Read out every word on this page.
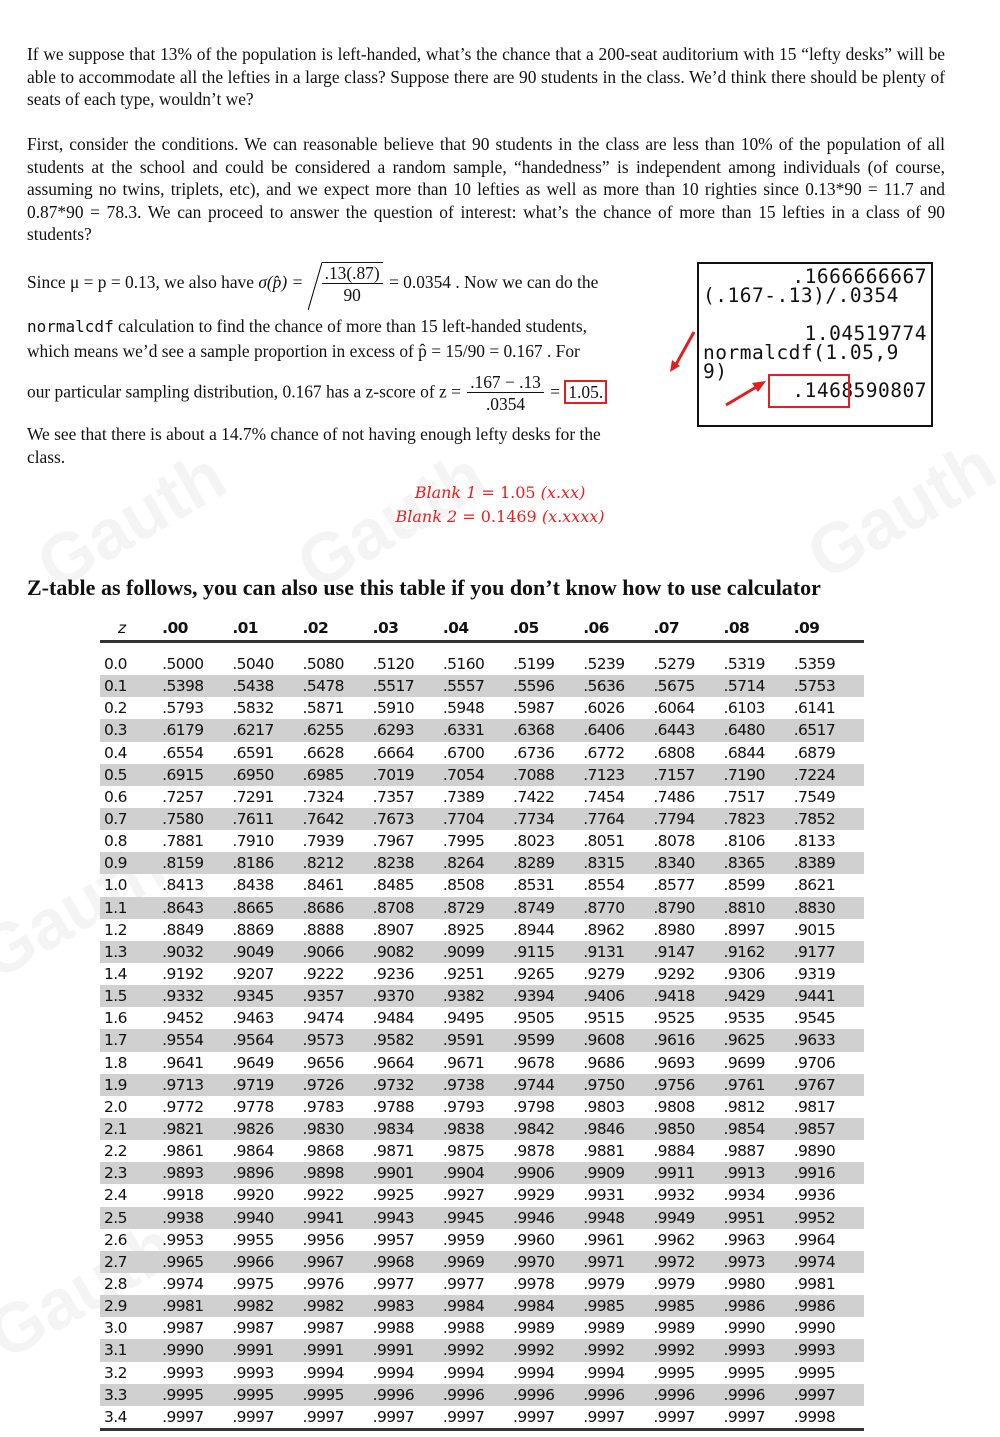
If we suppose that 13% of the population is left-handed, what’s the chance that a 200-seat auditorium with 15 “lefty desks” will be able to accommodate all the lefties in a large class? Suppose there are 90 students in the class. We’d think there should be plenty of seats of each type, wouldn’t we?

First, consider the conditions. We can reasonable believe that 90 students in the class are less than 10% of the population of all students at the school and could be considered a random sample, “handedness” is independent among individuals (of course, assuming no twins, triplets, etc), and we expect more than 10 lefties as well as more than 10 righties since 0.13*90 = 11.7 and 0.87*90 = 78.3. We can proceed to answer the question of interest: what’s the chance of more than 15 lefties in a class of 90 students?

Since μ = p = 0.13, we also have σ(p̂) = $\frac{.13(.87)}{90} = 0.0354$ . Now we can do the
normalcdf calculation to find the chance of more than 15 left-handed students,
which means we’d see a sample proportion in excess of p̂ = 15/90 = 0.167 . For
our particular sampling distribution, 0.167 has a z-score of $z = \frac{.167 - .13}{.0354} = 1.05$.
We see that there is about a 14.7% chance of not having enough lefty desks for the
class.
.1666666667
(.167-.13)/.0354
1.04519774
normalcdf(1.05,9
9)
.1468590807
Blank 1 = 1.05 (x.xx)
Blank 2 = 0.1469 (x.xxxx)
Z-table as follows, you can also use this table if you don’t know how to use calculator
z	.00	.01	.02	.03	.04	.05	.06	.07	.08	.09

0.0	.5000	.5040	.5080	.5120	.5160	.5199	.5239	.5279	.5319	.5359
0.1	.5398	.5438	.5478	.5517	.5557	.5596	.5636	.5675	.5714	.5753
0.2	.5793	.5832	.5871	.5910	.5948	.5987	.6026	.6064	.6103	.6141
0.3	.6179	.6217	.6255	.6293	.6331	.6368	.6406	.6443	.6480	.6517
0.4	.6554	.6591	.6628	.6664	.6700	.6736	.6772	.6808	.6844	.6879
0.5	.6915	.6950	.6985	.7019	.7054	.7088	.7123	.7157	.7190	.7224
0.6	.7257	.7291	.7324	.7357	.7389	.7422	.7454	.7486	.7517	.7549
0.7	.7580	.7611	.7642	.7673	.7704	.7734	.7764	.7794	.7823	.7852
0.8	.7881	.7910	.7939	.7967	.7995	.8023	.8051	.8078	.8106	.8133
0.9	.8159	.8186	.8212	.8238	.8264	.8289	.8315	.8340	.8365	.8389
1.0	.8413	.8438	.8461	.8485	.8508	.8531	.8554	.8577	.8599	.8621
1.1	.8643	.8665	.8686	.8708	.8729	.8749	.8770	.8790	.8810	.8830
1.2	.8849	.8869	.8888	.8907	.8925	.8944	.8962	.8980	.8997	.9015
1.3	.9032	.9049	.9066	.9082	.9099	.9115	.9131	.9147	.9162	.9177
1.4	.9192	.9207	.9222	.9236	.9251	.9265	.9279	.9292	.9306	.9319
1.5	.9332	.9345	.9357	.9370	.9382	.9394	.9406	.9418	.9429	.9441
1.6	.9452	.9463	.9474	.9484	.9495	.9505	.9515	.9525	.9535	.9545
1.7	.9554	.9564	.9573	.9582	.9591	.9599	.9608	.9616	.9625	.9633
1.8	.9641	.9649	.9656	.9664	.9671	.9678	.9686	.9693	.9699	.9706
1.9	.9713	.9719	.9726	.9732	.9738	.9744	.9750	.9756	.9761	.9767
2.0	.9772	.9778	.9783	.9788	.9793	.9798	.9803	.9808	.9812	.9817
2.1	.9821	.9826	.9830	.9834	.9838	.9842	.9846	.9850	.9854	.9857
2.2	.9861	.9864	.9868	.9871	.9875	.9878	.9881	.9884	.9887	.9890
2.3	.9893	.9896	.9898	.9901	.9904	.9906	.9909	.9911	.9913	.9916
2.4	.9918	.9920	.9922	.9925	.9927	.9929	.9931	.9932	.9934	.9936
2.5	.9938	.9940	.9941	.9943	.9945	.9946	.9948	.9949	.9951	.9952
2.6	.9953	.9955	.9956	.9957	.9959	.9960	.9961	.9962	.9963	.9964
2.7	.9965	.9966	.9967	.9968	.9969	.9970	.9971	.9972	.9973	.9974
2.8	.9974	.9975	.9976	.9977	.9977	.9978	.9979	.9979	.9980	.9981
2.9	.9981	.9982	.9982	.9983	.9984	.9984	.9985	.9985	.9986	.9986
3.0	.9987	.9987	.9987	.9988	.9988	.9989	.9989	.9989	.9990	.9990
3.1	.9990	.9991	.9991	.9991	.9992	.9992	.9992	.9992	.9993	.9993
3.2	.9993	.9993	.9994	.9994	.9994	.9994	.9994	.9995	.9995	.9995
3.3	.9995	.9995	.9995	.9996	.9996	.9996	.9996	.9996	.9996	.9997
3.4	.9997	.9997	.9997	.9997	.9997	.9997	.9997	.9997	.9997	.9998
